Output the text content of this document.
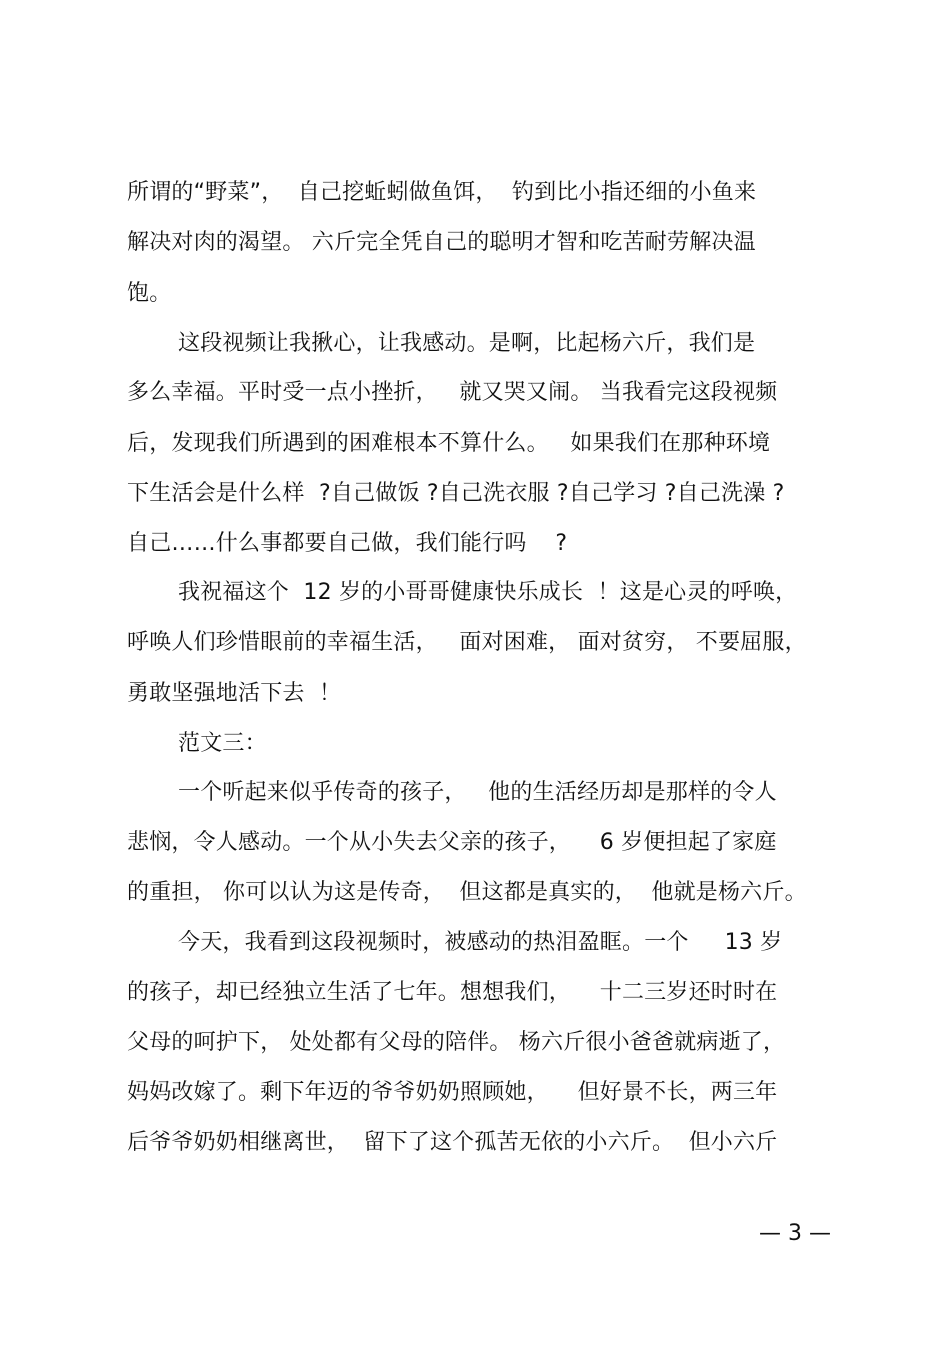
所谓的“野菜”，  自己挖蚯蚓做鱼饵，  钓到比小指还细的小鱼来
解决对肉的渴望。 六斤完全凭自己的聪明才智和吃苦耐劳解决温
饱。
这段视频让我揪心，让我感动。是啊，比起杨六斤，我们是
多么幸福。平时受一点小挫折，   就又哭又闹。 当我看完这段视频
后，发现我们所遇到的困难根本不算什么。   如果我们在那种环境
下生活会是什么样  ?自己做饭 ?自己洗衣服 ?自己学习 ?自己洗澡 ?
自己……什么事都要自己做，我们能行吗    ?
我祝福这个  12 岁的小哥哥健康快乐成长  ！这是心灵的呼唤，
呼唤人们珍惜眼前的幸福生活，   面对困难， 面对贫穷， 不要屈服，
勇敢坚强地活下去  ！
范文三：
一个听起来似乎传奇的孩子，   他的生活经历却是那样的令人
悲悯，令人感动。一个从小失去父亲的孩子，    6 岁便担起了家庭
的重担， 你可以认为这是传奇，  但这都是真实的，  他就是杨六斤。
今天，我看到这段视频时，被感动的热泪盈眶。一个     13 岁
的孩子，却已经独立生活了七年。想想我们，    十二三岁还时时在
父母的呵护下， 处处都有父母的陪伴。 杨六斤很小爸爸就病逝了，
妈妈改嫁了。剩下年迈的爷爷奶奶照顾她，    但好景不长，两三年
后爷爷奶奶相继离世，  留下了这个孤苦无依的小六斤。  但小六斤
— 3 —
